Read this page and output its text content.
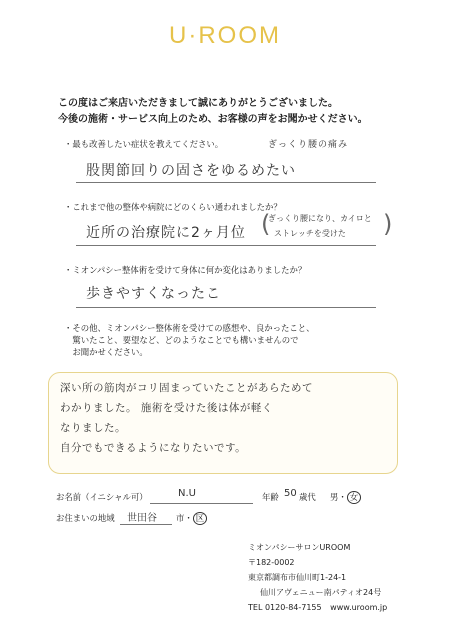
U·ROOM
この度はご来店いただきまして誠にありがとうございました。
今後の施術・サービス向上のため、お客様の声をお聞かせください。
・最も改善したい症状を教えてください。	ぎっくり腰の痛み
股関節回りの固さをゆるめたい
・これまで他の整体や病院にどのくらい通われましたか？
近所の治療院に2ヶ月位
ぎっくり腰になり、カイロと
ストレッチを受けた
(	)
・ミオンパシー整体術を受けて身体に何か変化はありましたか？
歩きやすくなったこ
・その他、ミオンパシー整体術を受けての感想や、良かったこと、
　驚いたこと、要望など、どのようなことでも構いませんので
　お聞かせください。
深い所の筋肉がコリ固まっていたことがあらためて
わかりました。 施術を受けた後は体が軽く
なりました。
自分でもできるようになりたいです。
お名前（イニシャル可）	N.U	年齢 50 歳代 男・ 女
お住まいの地域 世田谷 市・ 区
ミオンパシーサロンUROOM
〒182-0002
東京都調布市仙川町1-24-1
仙川アヴェニュー南パティオ24号
TEL 0120-84-7155 www.uroom.jp
